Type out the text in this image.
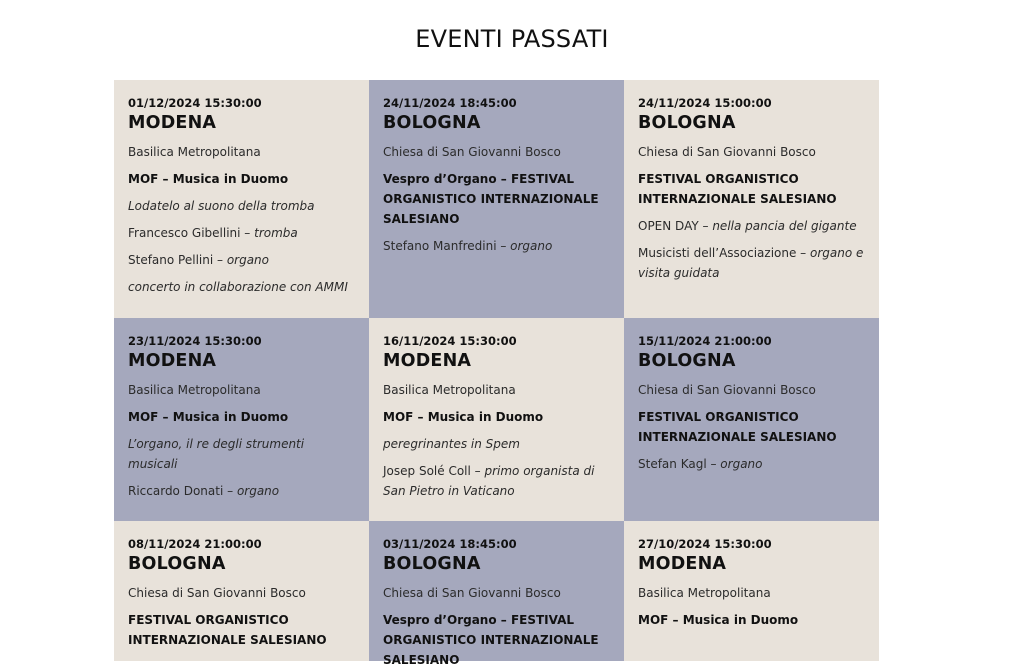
EVENTI PASSATI
01/12/2024 15:30:00
MODENA
Basilica Metropolitana
MOF – Musica in Duomo
Lodatelo al suono della tromba
Francesco Gibellini – tromba
Stefano Pellini – organo
concerto in collaborazione con AMMI
24/11/2024 18:45:00
BOLOGNA
Chiesa di San Giovanni Bosco
Vespro d’Organo – FESTIVAL ORGANISTICO INTERNAZIONALE SALESIANO
Stefano Manfredini – organo
24/11/2024 15:00:00
BOLOGNA
Chiesa di San Giovanni Bosco
FESTIVAL ORGANISTICO INTERNAZIONALE SALESIANO
OPEN DAY – nella pancia del gigante
Musicisti dell’Associazione – organo e visita guidata
23/11/2024 15:30:00
MODENA
Basilica Metropolitana
MOF – Musica in Duomo
L’organo, il re degli strumenti musicali
Riccardo Donati – organo
16/11/2024 15:30:00
MODENA
Basilica Metropolitana
MOF – Musica in Duomo
peregrinantes in Spem
Josep Solé Coll – primo organista di San Pietro in Vaticano
15/11/2024 21:00:00
BOLOGNA
Chiesa di San Giovanni Bosco
FESTIVAL ORGANISTICO INTERNAZIONALE SALESIANO
Stefan Kagl – organo
08/11/2024 21:00:00
BOLOGNA
Chiesa di San Giovanni Bosco
FESTIVAL ORGANISTICO INTERNAZIONALE SALESIANO
03/11/2024 18:45:00
BOLOGNA
Chiesa di San Giovanni Bosco
Vespro d’Organo – FESTIVAL ORGANISTICO INTERNAZIONALE SALESIANO
27/10/2024 15:30:00
MODENA
Basilica Metropolitana
MOF – Musica in Duomo
